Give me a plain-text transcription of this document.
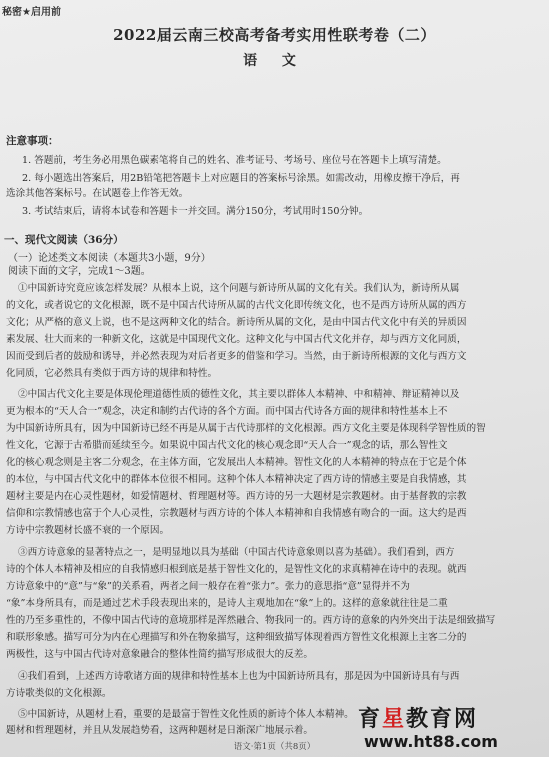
秘密★启用前
2022届云南三校高考备考实用性联考卷（二）
语 文
注意事项：
1. 答题前，考生务必用黑色碳素笔将自己的姓名、准考证号、考场号、座位号在答题卡上填写清楚。
2. 每小题选出答案后，用2B铅笔把答题卡上对应题目的答案标号涂黑。如需改动，用橡皮擦干净后，再
选涂其他答案标号。在试题卷上作答无效。
3. 考试结束后，请将本试卷和答题卡一并交回。满分150分，考试用时150分钟。
一、现代文阅读（36分）
（一）论述类文本阅读（本题共3小题，9分）
阅读下面的文字，完成1～3题。
①中国新诗究竟应该怎样发展？从根本上说，这个问题与新诗所从属的文化有关。我们认为，新诗所从属
的文化，或者说它的文化根源，既不是中国古代诗所从属的古代文化即传统文化，也不是西方诗所从属的西方
文化；从严格的意义上说，也不是这两种文化的结合。新诗所从属的文化，是由中国古代文化中有关的异质因
素发展、壮大而来的一种新文化，这就是中国现代文化。这种文化与中国古代文化并存，却与西方文化同质，
因而受到后者的鼓励和诱导，并必然表现为对后者更多的借鉴和学习。当然，由于新诗所根源的文化与西方文
化同质，它必然具有类似于西方诗的规律和特性。
②中国古代文化主要是体现伦理道德性质的德性文化，其主要以群体人本精神、中和精神、辩证精神以及
更为根本的“天人合一”观念，决定和制约古代诗的各个方面。而中国古代诗各方面的规律和特性基本上不
为中国新诗所具有，因为中国新诗已经不再是从属于古代诗那样的文化根源。西方文化主要是体现科学智性质的智
性文化，它源于古希腊而延续至今。如果说中国古代文化的核心观念即“天人合一”观念的话，那么智性文
化的核心观念则是主客二分观念，在主体方面，它发展出人本精神。智性文化的人本精神的特点在于它是个体
的本位，与中国古代文化中的群体本位很不相同。这种个体人本精神决定了西方诗的情感主要是自我情感，其
题材主要是内在心灵性题材，如爱情题材、哲理题材等。西方诗的另一大题材是宗教题材。由于基督教的宗教
信仰和宗教情感也富于个人心灵性，宗教题材与西方诗的个体人本精神和自我情感有吻合的一面。这大约是西
方诗中宗教题材长盛不衰的一个原因。
③西方诗意象的显著特点之一，是明显地以具为基础（中国古代诗意象则以喜为基础）。我们看到，西方
诗的个体人本精神及相应的自我情感归根到底是基于智性文化的，是智性文化的求真精神在诗中的表现。就西
方诗意象中的“意”与“象”的关系看，两者之间一般存在着“张力”。张力的意思指“意”显得并不为
“象”本身所具有，而是通过艺术手段表现出来的，是诗人主观地加在“象”上的。这样的意象就往往是二重
性的乃至多重性的，不像中国古代诗的意境那样是浑然融合、物我同一的。西方诗的意象的内外突出于法是细致描写
和联形象感。描写可分为内在心理描写和外在物象描写，这种细致描写体现着西方智性文化根源上主客二分的
两极性，这与中国古代诗对意象融合的整体性简约描写形成很大的反差。
④我们看到，上述西方诗歌诸方面的规律和特性基本上也为中国新诗所具有，那是因为中国新诗具有与西
方诗歌类似的文化根源。
⑤中国新诗，从题材上看，重要的是最富于智性文化性质的新诗个体人本精神。
题材和哲理题材，并且从发展趋势看，这两种题材是日渐深广地展示着。
语文·第1页（共8页）
育星教育网
www.ht88.com
